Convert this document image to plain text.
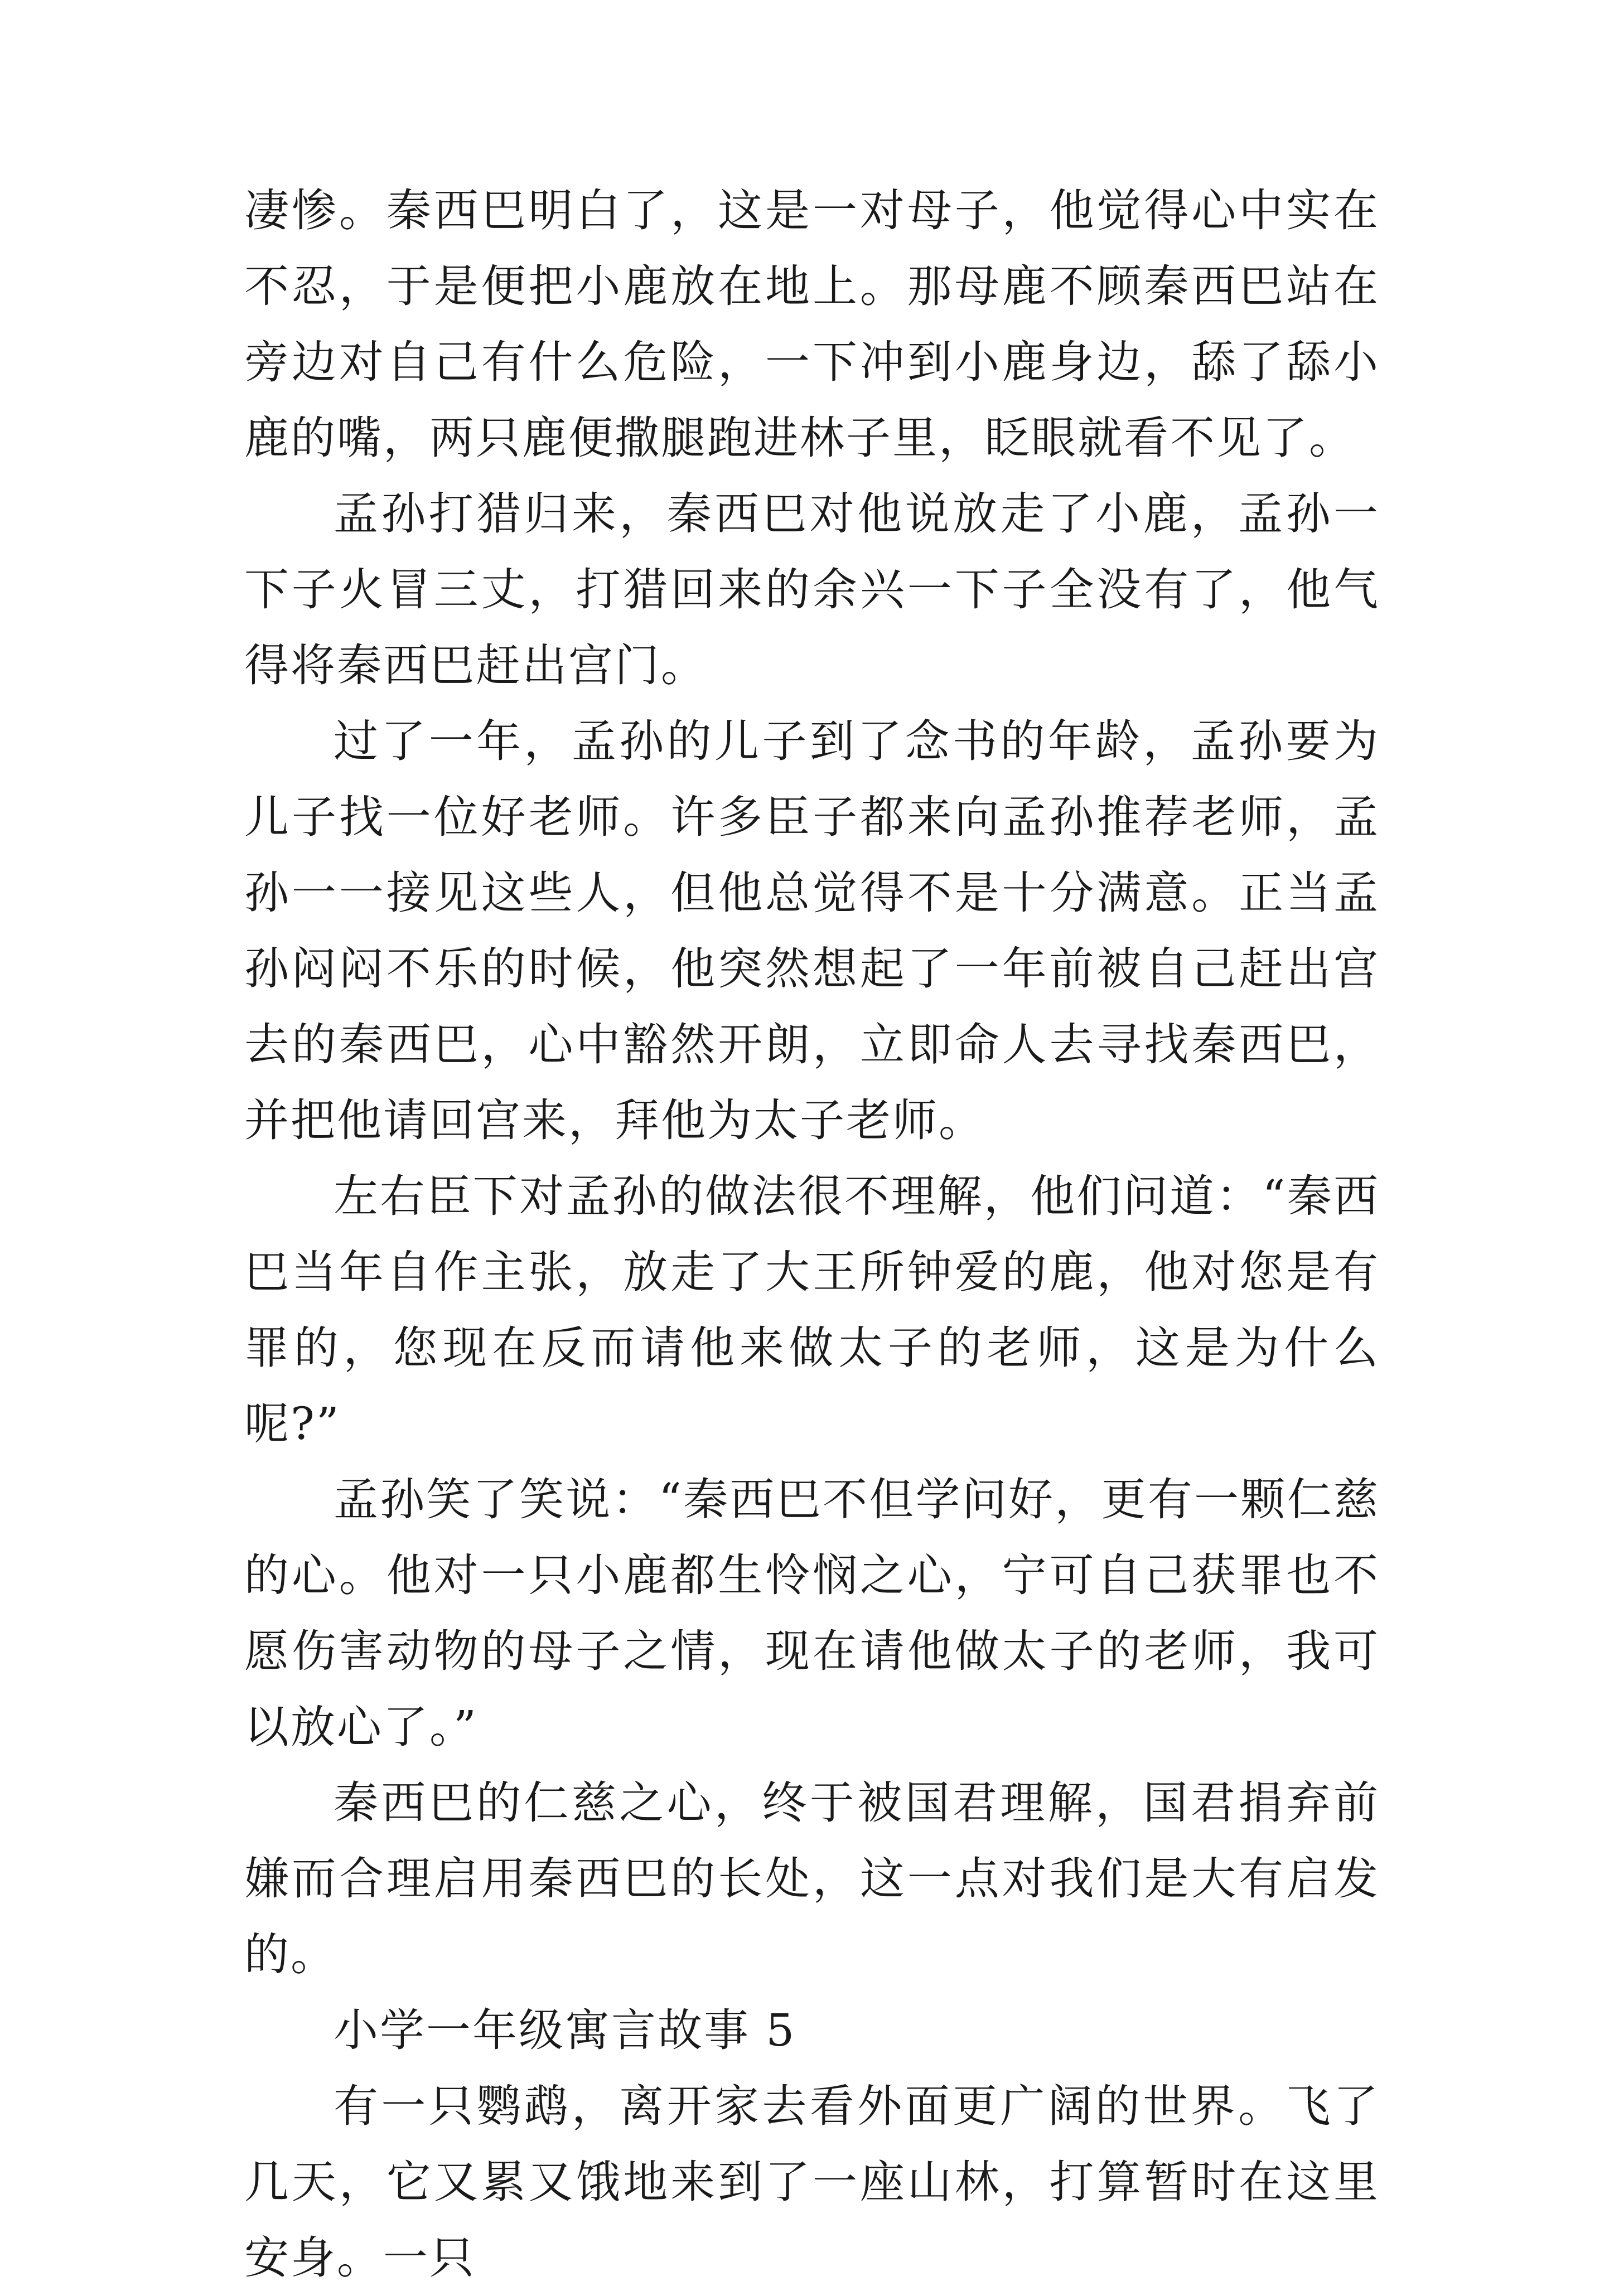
凄惨。秦西巴明白了，这是一对母子，他觉得心中实在不忍，于是便把小鹿放在地上。那母鹿不顾秦西巴站在旁边对自己有什么危险，一下冲到小鹿身边，舔了舔小鹿的嘴，两只鹿便撒腿跑进林子里，眨眼就看不见了。

孟孙打猎归来，秦西巴对他说放走了小鹿，孟孙一下子火冒三丈，打猎回来的余兴一下子全没有了，他气得将秦西巴赶出宫门。

过了一年，孟孙的儿子到了念书的年龄，孟孙要为儿子找一位好老师。许多臣子都来向孟孙推荐老师，孟孙一一接见这些人，但他总觉得不是十分满意。正当孟孙闷闷不乐的时候，他突然想起了一年前被自己赶出宫去的秦西巴，心中豁然开朗，立即命人去寻找秦西巴，并把他请回宫来，拜他为太子老师。

左右臣下对孟孙的做法很不理解，他们问道：“秦西巴当年自作主张，放走了大王所钟爱的鹿，他对您是有罪的，您现在反而请他来做太子的老师，这是为什么呢?”

孟孙笑了笑说：“秦西巴不但学问好，更有一颗仁慈的心。他对一只小鹿都生怜悯之心，宁可自己获罪也不愿伤害动物的母子之情，现在请他做太子的老师，我可以放心了。”

秦西巴的仁慈之心，终于被国君理解，国君捐弃前嫌而合理启用秦西巴的长处，这一点对我们是大有启发的。

小学一年级寓言故事 5

有一只鹦鹉，离开家去看外面更广阔的世界。飞了几天，它又累又饿地来到了一座山林，打算暂时在这里安身。一只
